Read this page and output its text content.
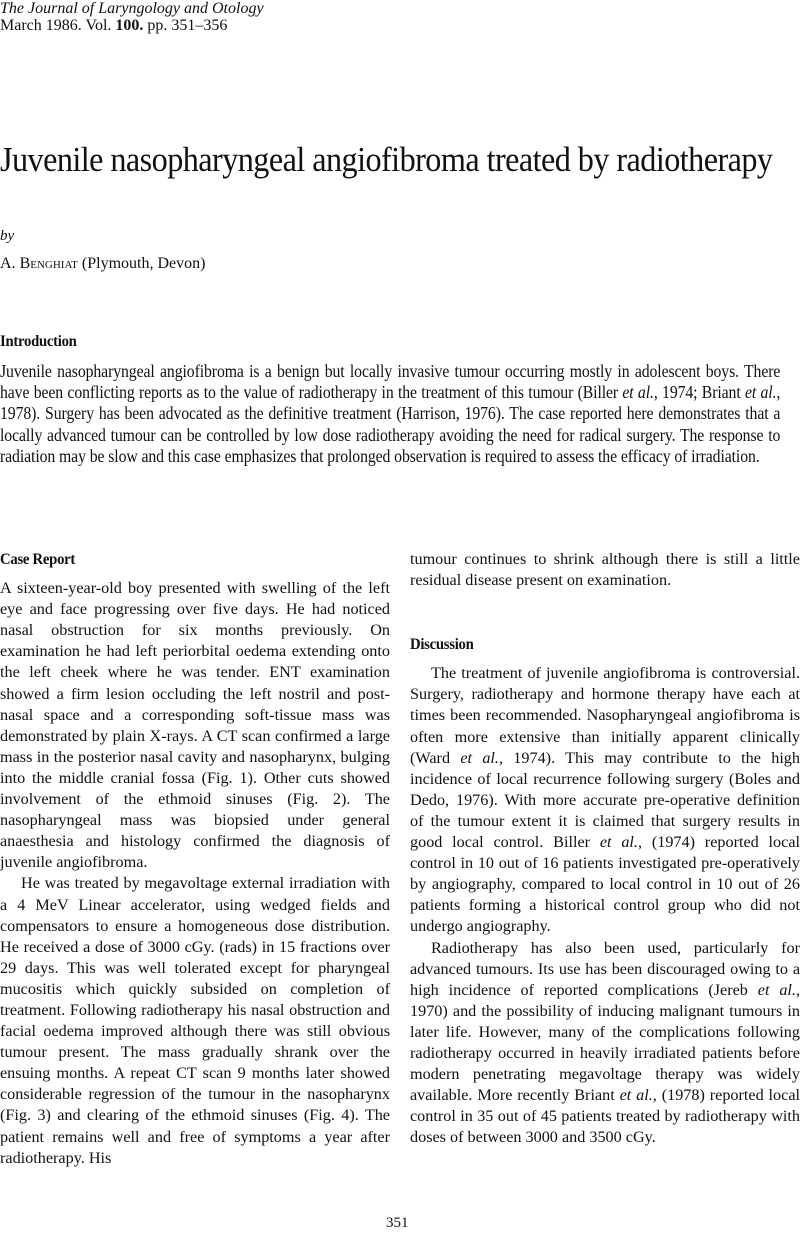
The Journal of Laryngology and Otology
March 1986. Vol. 100. pp. 351–356
Juvenile nasopharyngeal angiofibroma treated by radiotherapy
by
A. Benghiat (Plymouth, Devon)
Introduction
Juvenile nasopharyngeal angiofibroma is a benign but locally invasive tumour occurring mostly in adolescent boys. There have been conflicting reports as to the value of radiotherapy in the treatment of this tumour (Biller et al., 1974; Briant et al., 1978). Surgery has been advocated as the definitive treatment (Harrison, 1976). The case reported here demonstrates that a locally advanced tumour can be controlled by low dose radiotherapy avoiding the need for radical surgery. The response to radiation may be slow and this case emphasizes that prolonged observation is required to assess the efficacy of irradiation.
Case Report

A sixteen-year-old boy presented with swelling of the left eye and face progressing over five days. He had noticed nasal obstruction for six months previously. On examination he had left periorbital oedema extending onto the left cheek where he was tender. ENT examination showed a firm lesion occluding the left nostril and post-nasal space and a corresponding soft-tissue mass was demonstrated by plain X-rays. A CT scan confirmed a large mass in the posterior nasal cavity and nasopharynx, bulging into the middle cranial fossa (Fig. 1). Other cuts showed involvement of the ethmoid sinuses (Fig. 2). The nasopharyngeal mass was biopsied under general anaesthesia and histology confirmed the diagnosis of juvenile angiofibroma.

He was treated by megavoltage external irradiation with a 4 MeV Linear accelerator, using wedged fields and compensators to ensure a homogeneous dose distribution. He received a dose of 3000 cGy. (rads) in 15 fractions over 29 days. This was well tolerated except for pharyngeal mucositis which quickly subsided on completion of treatment. Following radiotherapy his nasal obstruction and facial oedema improved although there was still obvious tumour present. The mass gradually shrank over the ensuing months. A repeat CT scan 9 months later showed considerable regression of the tumour in the nasopharynx (Fig. 3) and clearing of the ethmoid sinuses (Fig. 4). The patient remains well and free of symptoms a year after radiotherapy. His

tumour continues to shrink although there is still a little residual disease present on examination.

Discussion

The treatment of juvenile angiofibroma is controversial. Surgery, radiotherapy and hormone therapy have each at times been recommended. Nasopharyngeal angiofibroma is often more extensive than initially apparent clinically (Ward et al., 1974). This may contribute to the high incidence of local recurrence following surgery (Boles and Dedo, 1976). With more accurate pre-operative definition of the tumour extent it is claimed that surgery results in good local control. Biller et al., (1974) reported local control in 10 out of 16 patients investigated pre-operatively by angiography, compared to local control in 10 out of 26 patients forming a historical control group who did not undergo angiography.

Radiotherapy has also been used, particularly for advanced tumours. Its use has been discouraged owing to a high incidence of reported complications (Jereb et al., 1970) and the possibility of inducing malignant tumours in later life. However, many of the complications following radiotherapy occurred in heavily irradiated patients before modern penetrating megavoltage therapy was widely available. More recently Briant et al., (1978) reported local control in 35 out of 45 patients treated by radiotherapy with doses of between 3000 and 3500 cGy.

351
